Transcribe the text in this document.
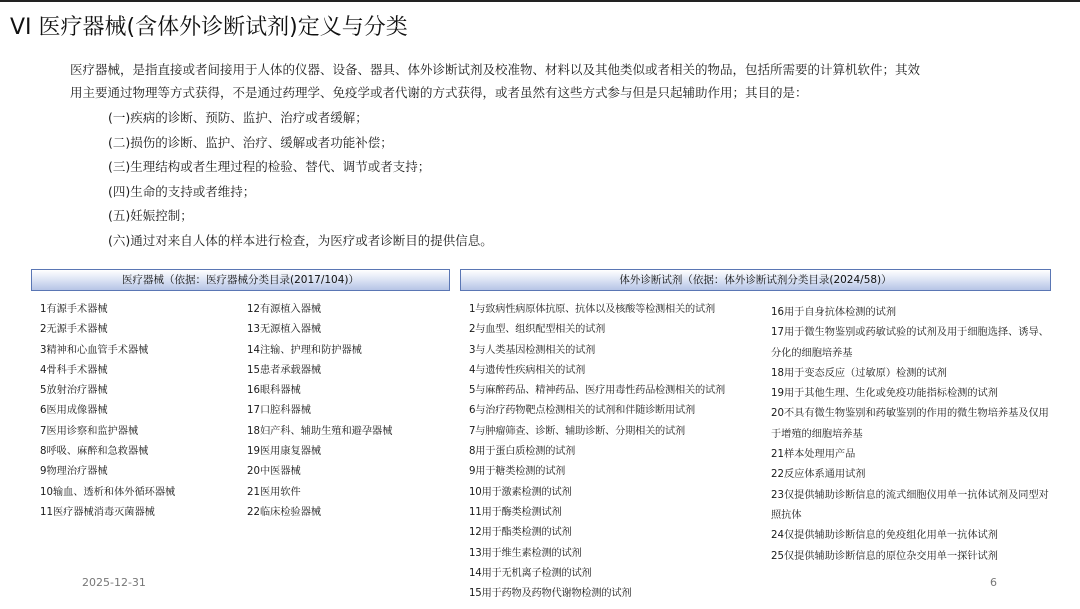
VI 医疗器械(含体外诊断试剂)定义与分类

医疗器械，是指直接或者间接用于人体的仪器、设备、器具、体外诊断试剂及校准物、材料以及其他类似或者相关的物品，包括所需要的计算机软件；其效

用主要通过物理等方式获得，不是通过药理学、免疫学或者代谢的方式获得，或者虽然有这些方式参与但是只起辅助作用；其目的是：

(一)疾病的诊断、预防、监护、治疗或者缓解；
(二)损伤的诊断、监护、治疗、缓解或者功能补偿；
(三)生理结构或者生理过程的检验、替代、调节或者支持；
(四)生命的支持或者维持；
(五)妊娠控制；
(六)通过对来自人体的样本进行检查，为医疗或者诊断目的提供信息。
医疗器械（依据：医疗器械分类目录(2017/104)）	体外诊断试剂（依据：体外诊断试剂分类目录(2024/58)）
1有源手术器械
2无源手术器械
3精神和心血管手术器械
4骨科手术器械
5放射治疗器械
6医用成像器械
7医用诊察和监护器械
8呼吸、麻醉和急救器械
9物理治疗器械
10输血、透析和体外循环器械
11医疗器械消毒灭菌器械
12有源植入器械
13无源植入器械
14注输、护理和防护器械
15患者承载器械
16眼科器械
17口腔科器械
18妇产科、辅助生殖和避孕器械
19医用康复器械
20中医器械
21医用软件
22临床检验器械
1与致病性病原体抗原、抗体以及核酸等检测相关的试剂
2与血型、组织配型相关的试剂
3与人类基因检测相关的试剂
4与遗传性疾病相关的试剂
5与麻醉药品、精神药品、医疗用毒性药品检测相关的试剂
6与治疗药物靶点检测相关的试剂和伴随诊断用试剂
7与肿瘤筛查、诊断、辅助诊断、分期相关的试剂
8用于蛋白质检测的试剂
9用于糖类检测的试剂
10用于激素检测的试剂
11用于酶类检测试剂
12用于酯类检测的试剂
13用于维生素检测的试剂
14用于无机离子检测的试剂
15用于药物及药物代谢物检测的试剂
16用于自身抗体检测的试剂
17用于微生物鉴别或药敏试验的试剂及用于细胞选择、诱导、分化的细胞培养基
18用于变态反应（过敏原）检测的试剂
19用于其他生理、生化或免疫功能指标检测的试剂
20不具有微生物鉴别和药敏鉴别的作用的微生物培养基及仅用于增殖的细胞培养基
21样本处理用产品
22反应体系通用试剂
23仅提供辅助诊断信息的流式细胞仪用单一抗体试剂及同型对照抗体
24仅提供辅助诊断信息的免疫组化用单一抗体试剂
25仅提供辅助诊断信息的原位杂交用单一探针试剂
2025-12-31	6
